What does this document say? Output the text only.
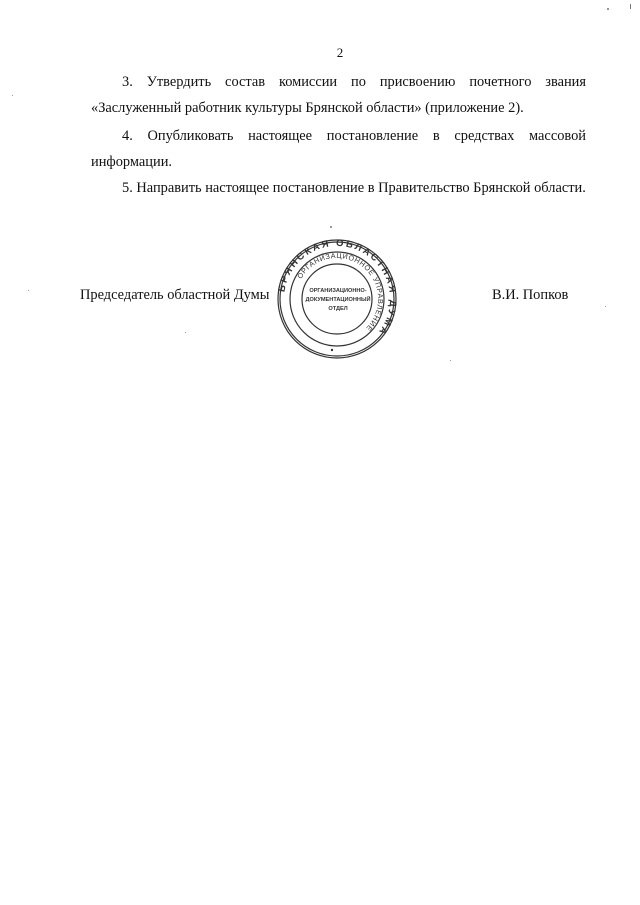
2

3. Утвердить состав комиссии по присвоению почетного звания «Заслуженный работник культуры Брянской области» (приложение 2).

4. Опубликовать настоящее постановление в средствах массовой информации.

5. Направить настоящее постановление в Правительство Брянской области.

Председатель областной Думы БРЯНСКАЯ ОБЛАСТНАЯ ДУМА
ОРГАНИЗАЦИОННОЕ УПРАВЛЕНИЕ
ОРГАНИЗАЦИОННО-
ДОКУМЕНТАЦИОННЫЙ
ОТДЕЛ
В.И. Попков
